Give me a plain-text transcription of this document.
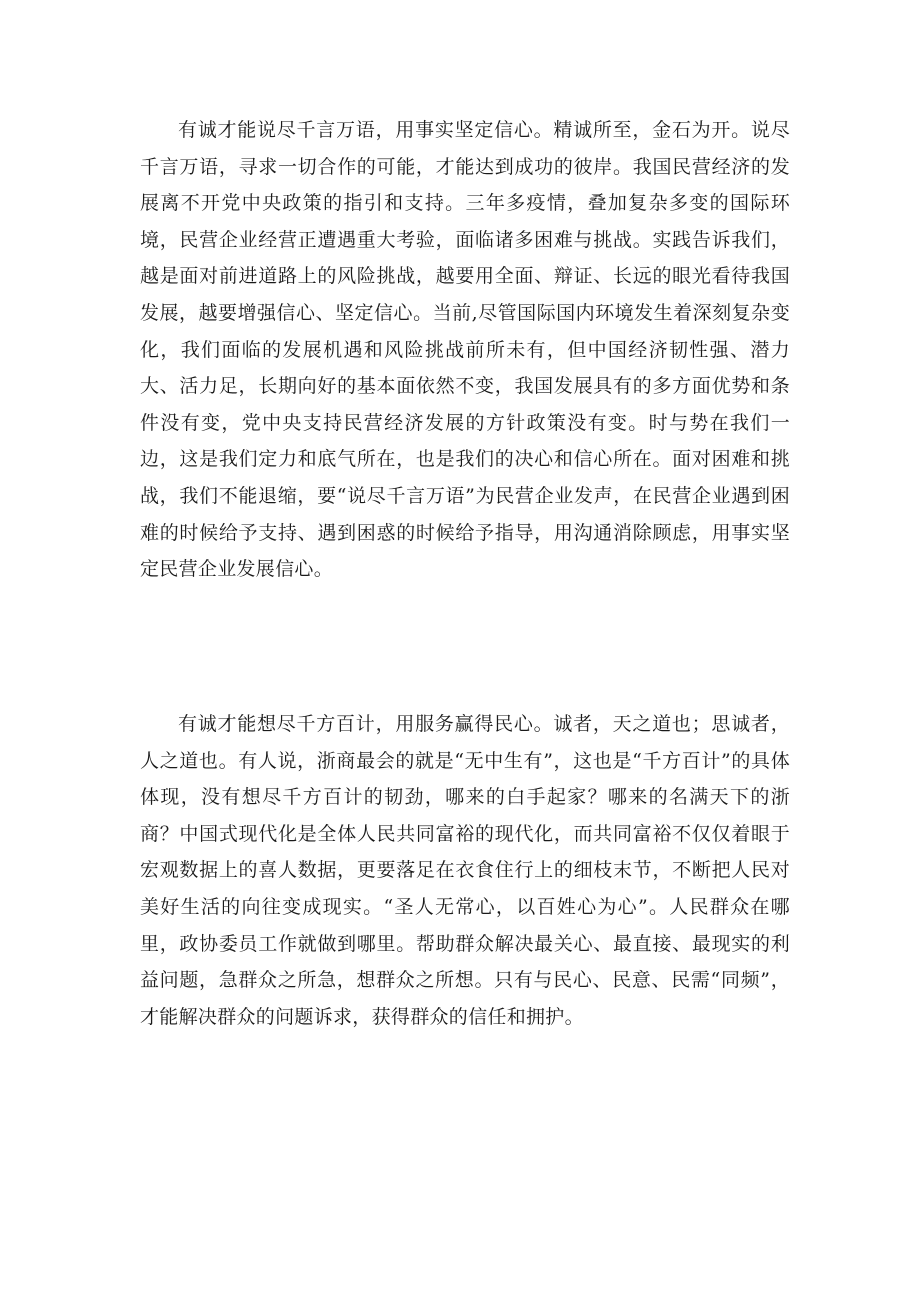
有诚才能说尽千言万语，用事实坚定信心。精诚所至，金石为开。说尽千言万语，寻求一切合作的可能，才能达到成功的彼岸。我国民营经济的发展离不开党中央政策的指引和支持。三年多疫情，叠加复杂多变的国际环境，民营企业经营正遭遇重大考验，面临诸多困难与挑战。实践告诉我们，越是面对前进道路上的风险挑战，越要用全面、辩证、长远的眼光看待我国发展，越要增强信心、坚定信心。当前,尽管国际国内环境发生着深刻复杂变化，我们面临的发展机遇和风险挑战前所未有，但中国经济韧性强、潜力大、活力足，长期向好的基本面依然不变，我国发展具有的多方面优势和条件没有变，党中央支持民营经济发展的方针政策没有变。时与势在我们一边，这是我们定力和底气所在，也是我们的决心和信心所在。面对困难和挑战，我们不能退缩，要“说尽千言万语”为民营企业发声，在民营企业遇到困难的时候给予支持、遇到困惑的时候给予指导，用沟通消除顾虑，用事实坚定民营企业发展信心。

有诚才能想尽千方百计，用服务赢得民心。诚者，天之道也；思诚者，人之道也。有人说，浙商最会的就是“无中生有”，这也是“千方百计”的具体体现，没有想尽千方百计的韧劲，哪来的白手起家？哪来的名满天下的浙商？中国式现代化是全体人民共同富裕的现代化，而共同富裕不仅仅着眼于宏观数据上的喜人数据，更要落足在衣食住行上的细枝末节，不断把人民对美好生活的向往变成现实。“圣人无常心，以百姓心为心”。人民群众在哪里，政协委员工作就做到哪里。帮助群众解决最关心、最直接、最现实的利益问题，急群众之所急，想群众之所想。只有与民心、民意、民需“同频”，才能解决群众的问题诉求，获得群众的信任和拥护。
